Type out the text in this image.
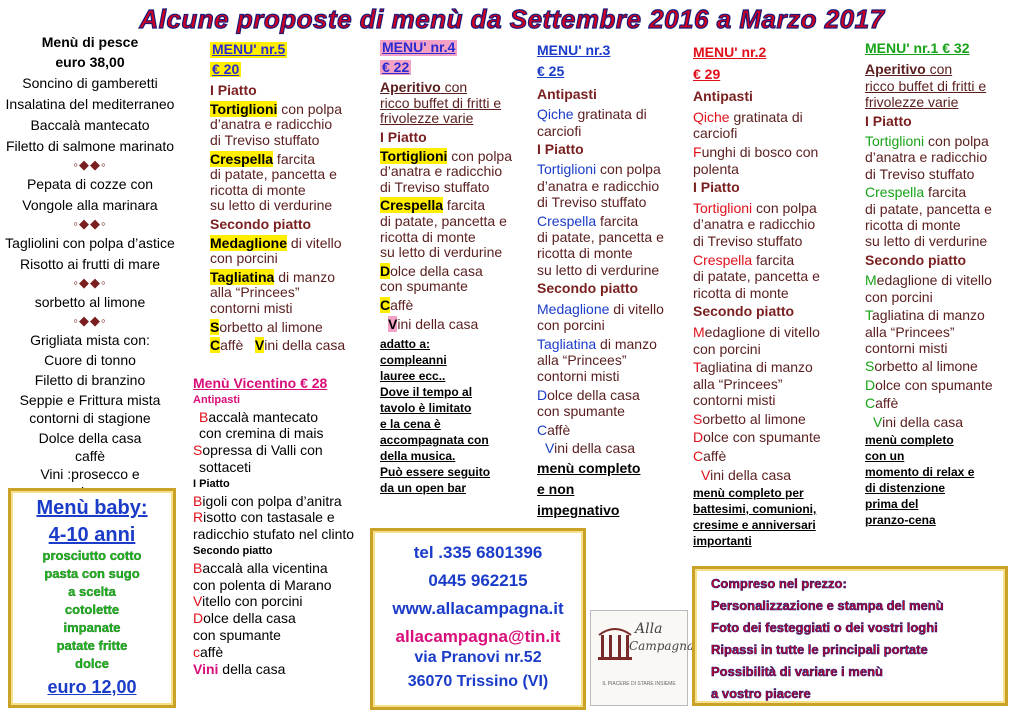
Alcune proposte di menù da Settembre 2016 a Marzo 2017

Menù di pesce

euro 38,00

Soncino di gamberetti

Insalatina del mediterraneo

Baccalà mantecato

Filetto di salmone marinato

◦◆◆◦

Pepata di cozze con

Vongole alla marinara

◦◆◆◦

Tagliolini con polpa d’astice

Risotto ai frutti di mare

◦◆◆◦

sorbetto al limone

◦◆◆◦

Grigliata mista con:

Cuore di tonno

Filetto di branzino

Seppie e Frittura mista

contorni di stagione

Dolce della casa

caffè

Vini :prosecco e

Menù baby:
4-10 anni
prosciutto cotto
pasta con sugo
a scelta
cotolette
impanate
patate fritte
dolce
euro 12,00

MENU' nr.5

€ 20

I Piatto

Tortiglioni con polpa

d’anatra e radicchio

di Treviso stuffato

Crespella farcita

di patate, pancetta e

ricotta di monte

su letto di verdurine

Secondo piatto

Medaglione di vitello

con porcini

Tagliatina di manzo

alla “Princees”

contorni misti

Sorbetto al limone

Caffè   Vini della casa

Menù Vicentino € 28

Antipasti

Baccalà mantecato

con cremina di mais

Sopressa di Valli con

sottaceti

I Piatto

Bigoli con polpa d’anitra

Risotto con tastasale e

radicchio stufato nel clinto

Secondo piatto

Baccalà alla vicentina

con polenta di Marano

Vitello con porcini

Dolce della casa

con spumante

caffè

Vini della casa

MENU' nr.4

€ 22

Aperitivo con

ricco buffet di fritti e

frivolezze varie

I Piatto

Tortiglioni con polpa

d’anatra e radicchio

di Treviso stuffato

Crespella farcita

di patate, pancetta e

ricotta di monte

su letto di verdurine

Dolce della casa

con spumante

Caffè

Vini della casa

adatto a:

compleanni

lauree ecc..

Dove il tempo al

tavolo è limitato

e la cena è

accompagnata con

della musica.

Può essere seguito

da un open bar

tel .335 6801396
0445 962215
www.allacampagna.it
allacampagna@tin.it
via Pranovi nr.52
36070 Trissino (VI)
Alla
Campagna
IL PIACERE DI STARE INSIEME

MENU' nr.3

€ 25

Antipasti

Qiche gratinata di

carciofi

I Piatto

Tortiglioni con polpa

d’anatra e radicchio

di Treviso stuffato

Crespella farcita

di patate, pancetta e

ricotta di monte

su letto di verdurine

Secondo piatto

Medaglione di vitello

con porcini

Tagliatina di manzo

alla “Princees”

contorni misti

Dolce della casa

con spumante

Caffè

Vini della casa

menù completo

e non

impegnativo

MENU' nr.2

€ 29

Antipasti

Qiche gratinata di

carciofi

Funghi di bosco con

polenta

I Piatto

Tortiglioni con polpa

d’anatra e radicchio

di Treviso stuffato

Crespella farcita

di patate, pancetta e

ricotta di monte

Secondo piatto

Medaglione di vitello

con porcini

Tagliatina di manzo

alla “Princees”

contorni misti

Sorbetto al limone

Dolce con spumante

Caffè

Vini della casa

menù completo per

battesimi, comunioni,

cresime e anniversari

importanti

MENU' nr.1 € 32

Aperitivo con

ricco buffet di fritti e

frivolezze varie

I Piatto

Tortiglioni con polpa

d’anatra e radicchio

di Treviso stuffato

Crespella farcita

di patate, pancetta e

ricotta di monte

su letto di verdurine

Secondo piatto

Medaglione di vitello

con porcini

Tagliatina di manzo

alla “Princees”

contorni misti

Sorbetto al limone

Dolce con spumante

Caffè

Vini della casa

menù completo

con un

momento di relax e

di distenzione

prima del

pranzo-cena

Compreso nel prezzo:
Personalizzazione e stampa del menù
Foto dei festeggiati o dei vostri loghi
Ripassi in tutte le principali portate
Possibilità di variare i menù
a vostro piacere
